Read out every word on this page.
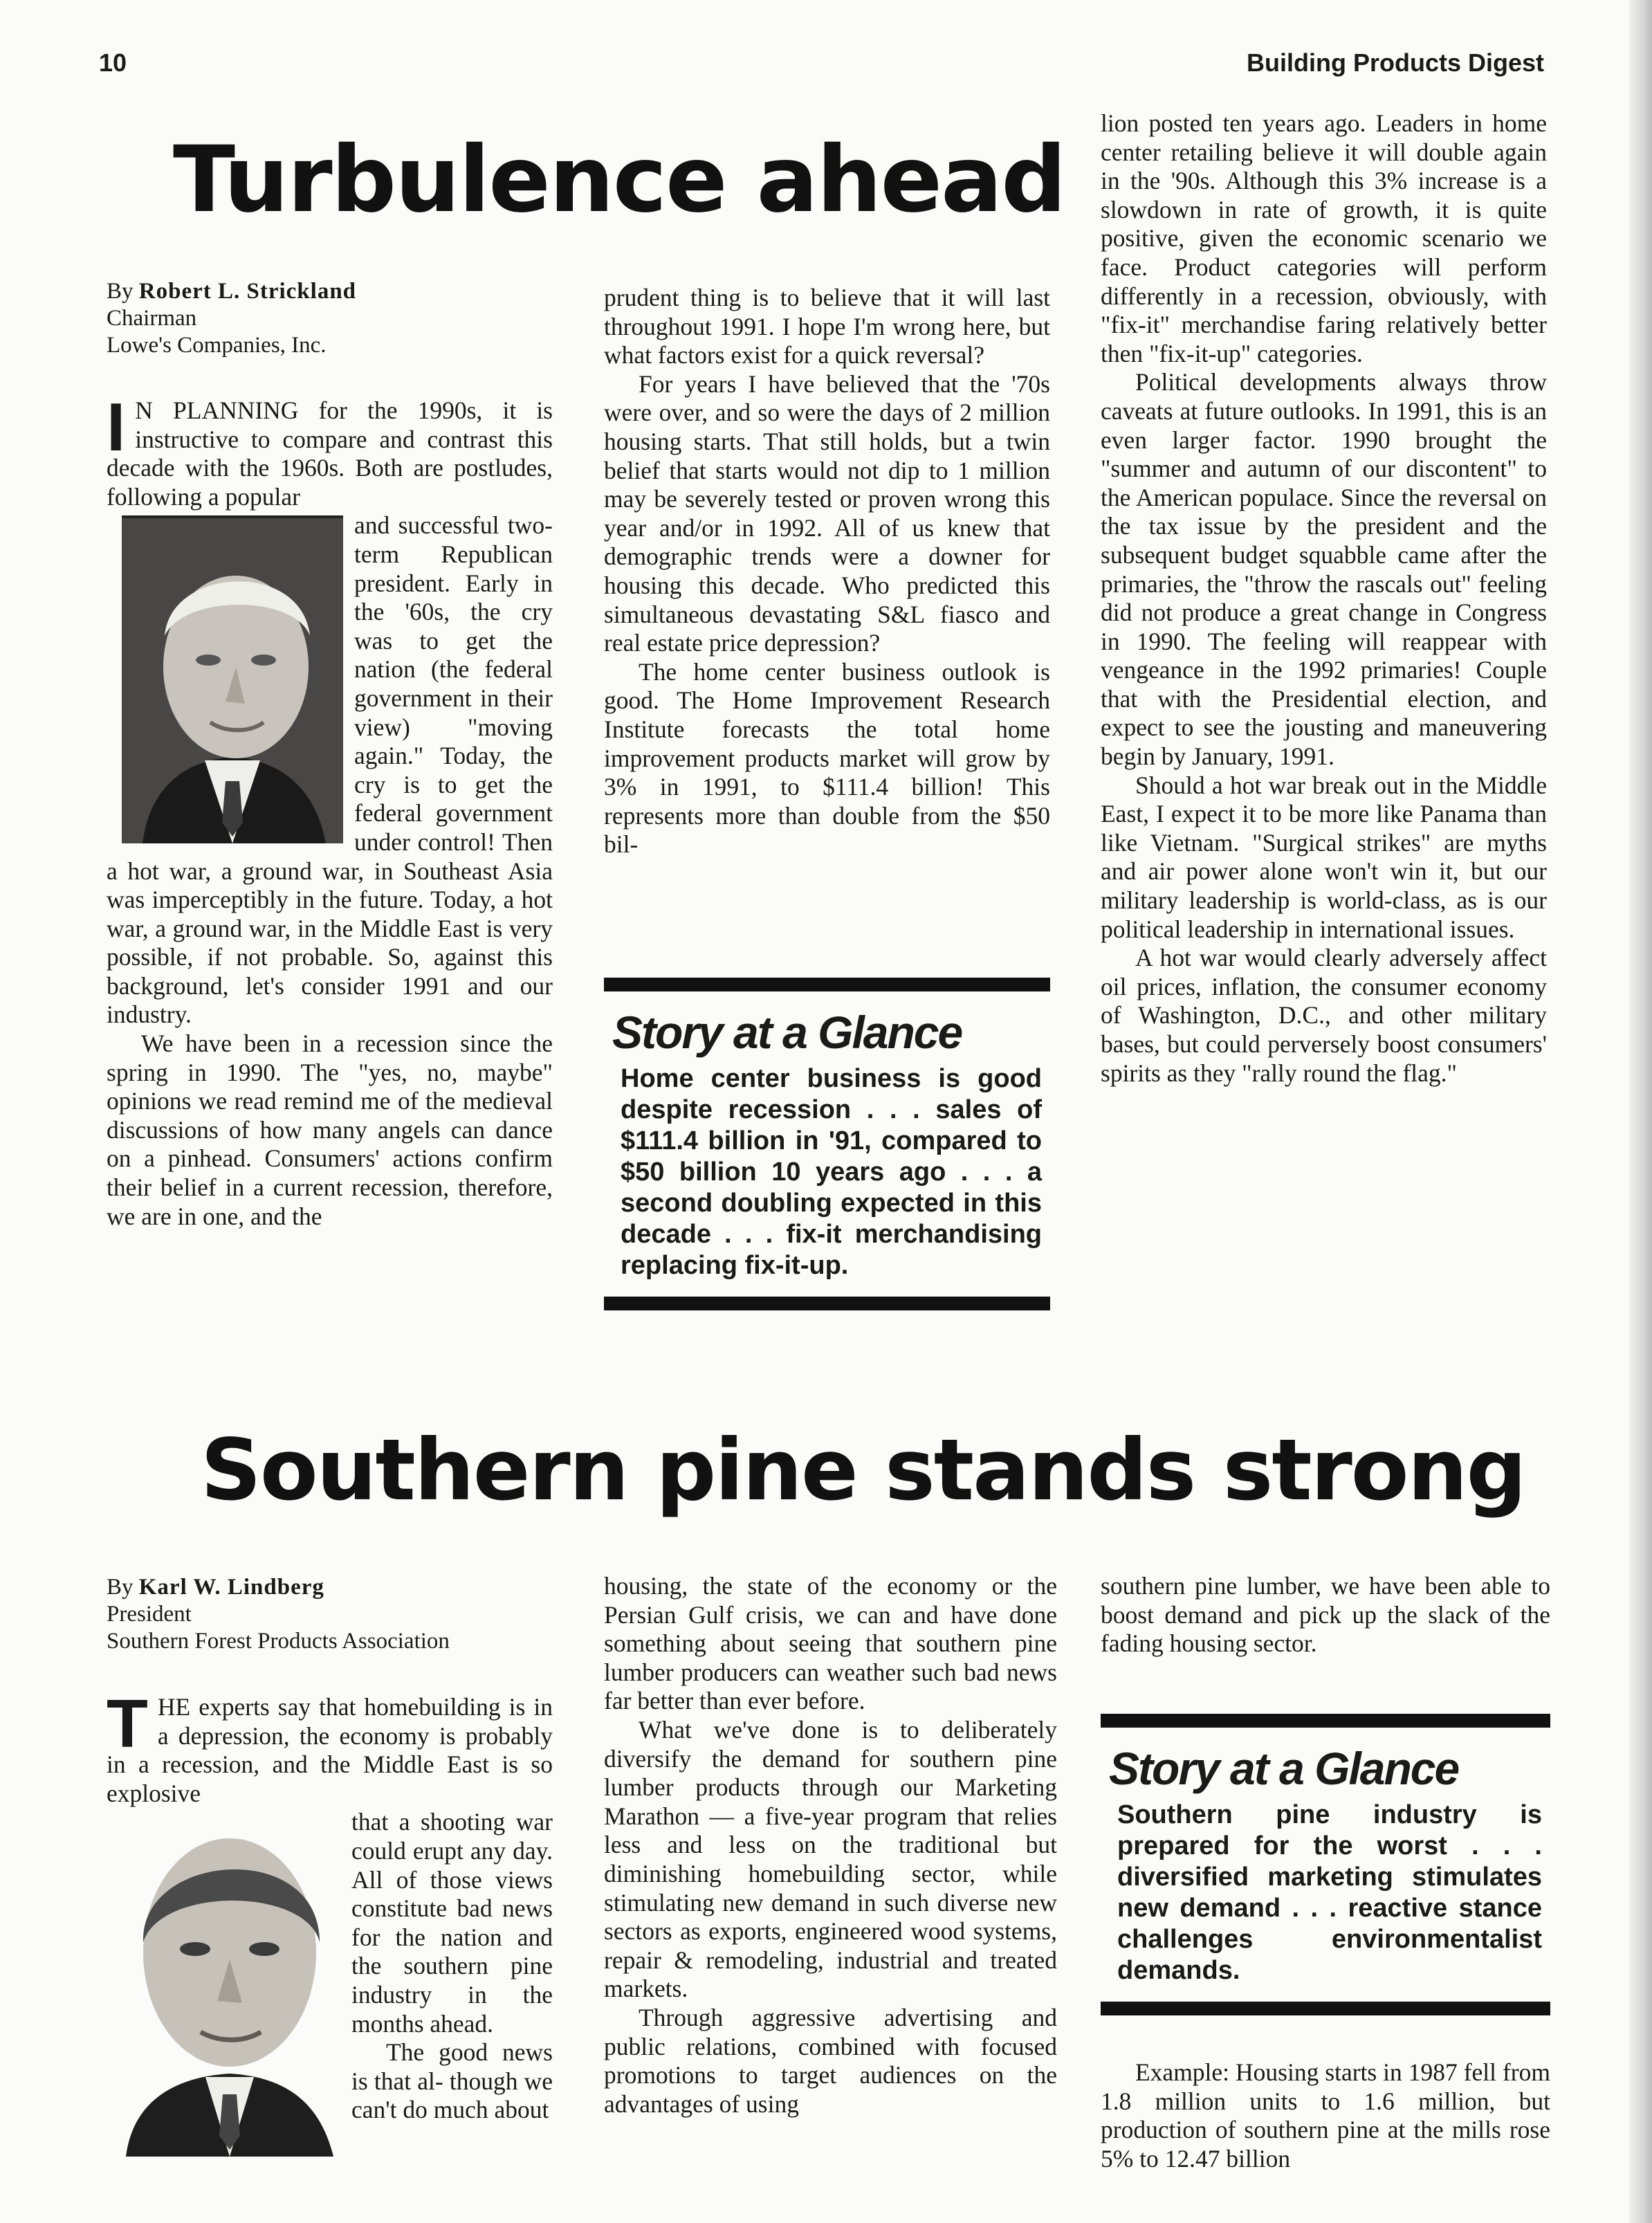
10	Building Products Digest
Turbulence ahead
By Robert L. Strickland
Chairman
Lowe's Companies, Inc.

I N PLANNING for the 1990s, it is instructive to compare and contrast this decade with the 1960s. Both are postludes, following a popular

and successful two-term Republican president. Early in the '60s, the cry was to get the nation (the federal government in their view) "moving again." Today, the cry is to get the federal government under control! Then a hot war, a ground war, in Southeast Asia was imperceptibly in the future. Today, a hot war, a ground war, in the Middle East is very possible, if not probable. So, against this background, let's consider 1991 and our industry.

We have been in a recession since the spring in 1990. The "yes, no, maybe" opinions we read remind me of the medieval discussions of how many angels can dance on a pinhead. Consumers' actions confirm their belief in a current recession, therefore, we are in one, and the

prudent thing is to believe that it will last throughout 1991. I hope I'm wrong here, but what factors exist for a quick reversal?

For years I have believed that the '70s were over, and so were the days of 2 million housing starts. That still holds, but a twin belief that starts would not dip to 1 million may be severely tested or proven wrong this year and/or in 1992. All of us knew that demographic trends were a downer for housing this decade. Who predicted this simultaneous devastating S&L fiasco and real estate price depression?

The home center business outlook is good. The Home Improvement Research Institute forecasts the total home improvement products market will grow by 3% in 1991, to $111.4 billion! This represents more than double from the $50 bil-

Story at a Glance
Home center business is good despite recession . . . sales of $111.4 billion in '91, compared to $50 billion 10 years ago . . . a second doubling expected in this decade . . . fix-it merchandising replacing fix-it-up.

lion posted ten years ago. Leaders in home center retailing believe it will double again in the '90s. Although this 3% increase is a slowdown in rate of growth, it is quite positive, given the economic scenario we face. Product categories will perform differently in a recession, obviously, with "fix-it" merchandise faring relatively better then "fix-it-up" categories.

Political developments always throw caveats at future outlooks. In 1991, this is an even larger factor. 1990 brought the "summer and autumn of our discontent" to the American populace. Since the reversal on the tax issue by the president and the subsequent budget squabble came after the primaries, the "throw the rascals out" feeling did not produce a great change in Congress in 1990. The feeling will reappear with vengeance in the 1992 primaries! Couple that with the Presidential election, and expect to see the jousting and maneuvering begin by January, 1991.

Should a hot war break out in the Middle East, I expect it to be more like Panama than like Vietnam. "Surgical strikes" are myths and air power alone won't win it, but our military leadership is world-class, as is our political leadership in international issues.

A hot war would clearly adversely affect oil prices, inflation, the consumer economy of Washington, D.C., and other military bases, but could perversely boost consumers' spirits as they "rally round the flag."

Southern pine stands strong
By Karl W. Lindberg
President
Southern Forest Products Association

THE experts say that homebuilding is in a depression, the economy is probably in a recession, and the Middle East is so explosive

that a shooting war could erupt any day. All of those views constitute bad news for the nation and the southern pine industry in the months ahead.

The good news is that al- though we can't do much about

housing, the state of the economy or the Persian Gulf crisis, we can and have done something about seeing that southern pine lumber producers can weather such bad news far better than ever before.

What we've done is to deliberately diversify the demand for southern pine lumber products through our Marketing Marathon — a five-year program that relies less and less on the traditional but diminishing homebuilding sector, while stimulating new demand in such diverse new sectors as exports, engineered wood systems, repair & remodeling, industrial and treated markets.

Through aggressive advertising and public relations, combined with focused promotions to target audiences on the advantages of using

southern pine lumber, we have been able to boost demand and pick up the slack of the fading housing sector.

Story at a Glance
Southern pine industry is prepared for the worst . . . diversified marketing stimulates new demand . . . reactive stance challenges environmentalist demands.

Example: Housing starts in 1987 fell from 1.8 million units to 1.6 million, but production of southern pine at the mills rose 5% to 12.47 billion
